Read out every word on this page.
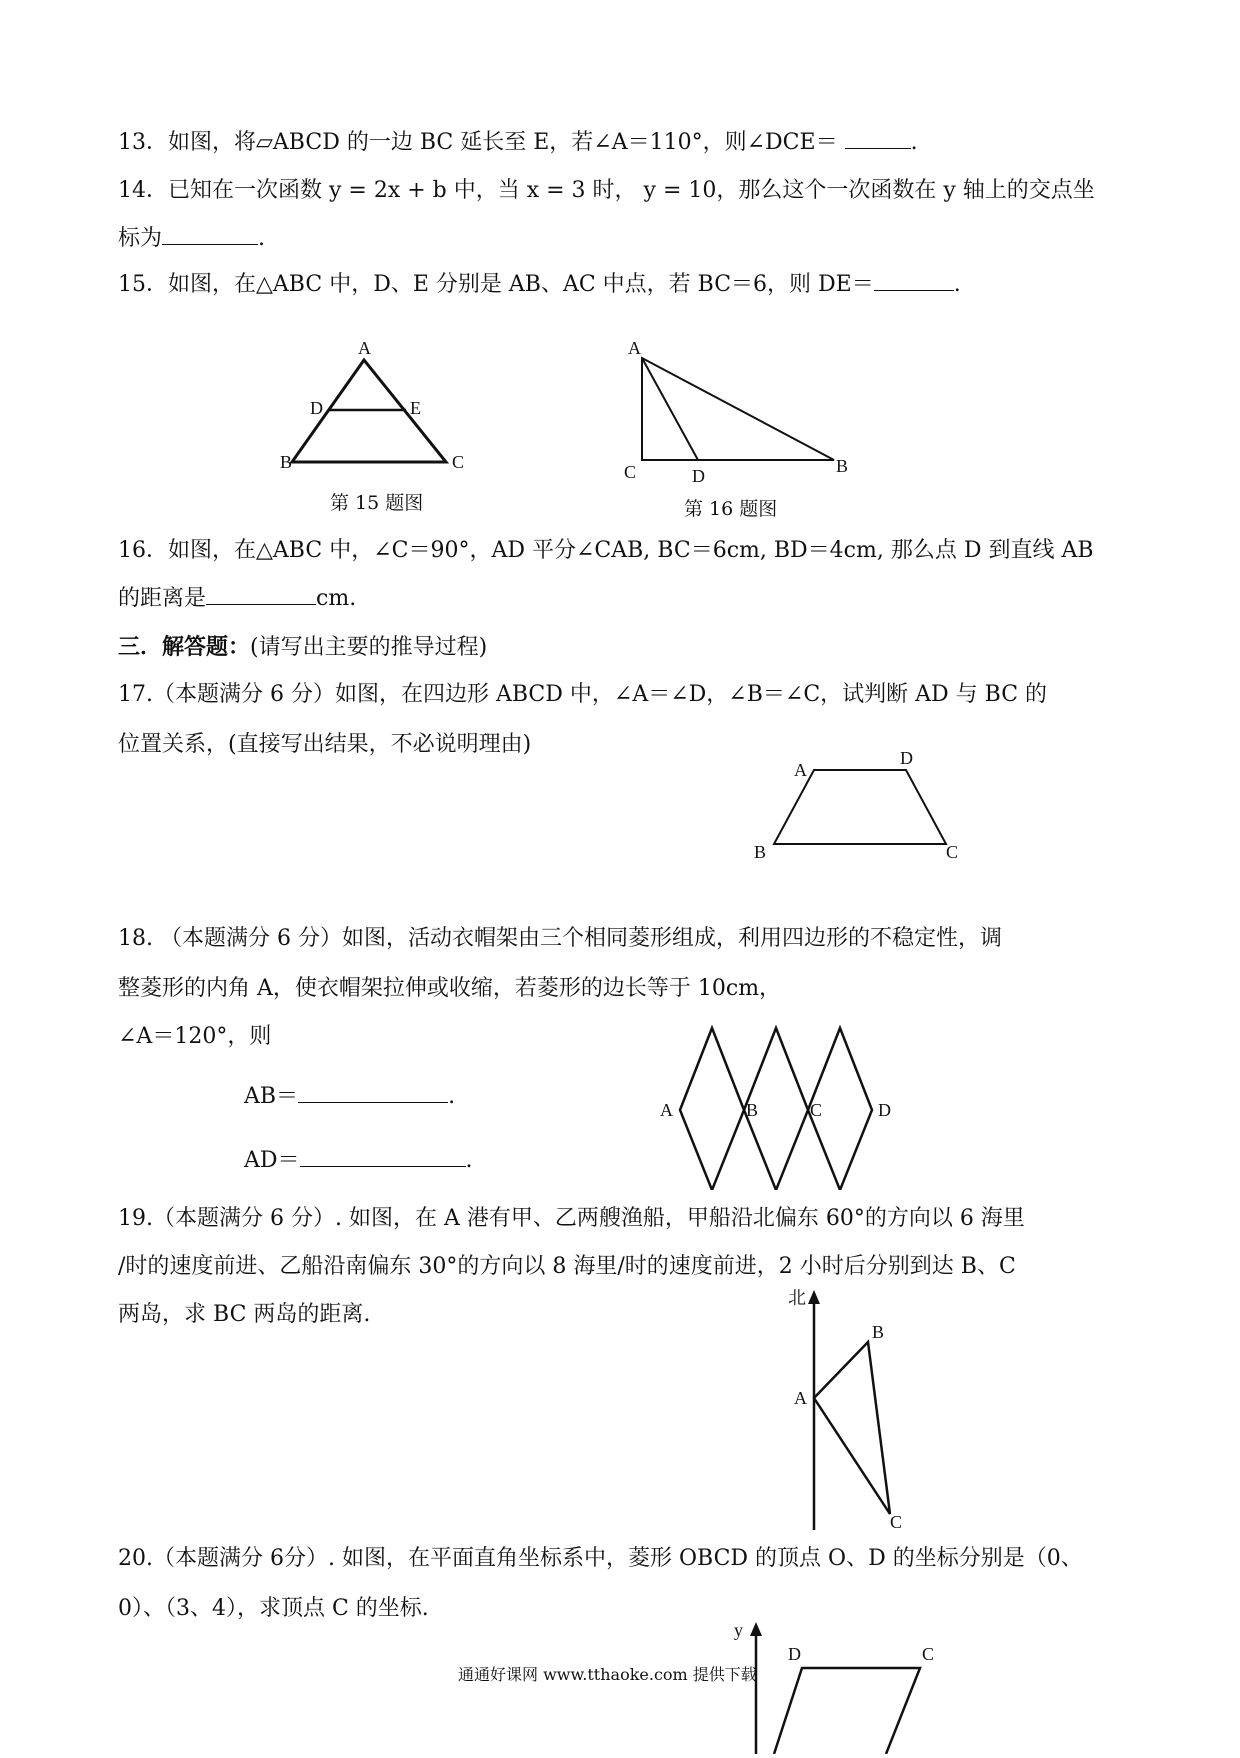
13．如图，将▱ABCD 的一边 BC 延长至 E，若∠A＝110°，则∠DCE＝	.
14．已知在一次函数 y = 2x + b 中，当 x = 3 时， y = 10，那么这个一次函数在 y 轴上的交点坐
标为	.
15．如图，在△ABC 中，D、E 分别是 AB、AC 中点，若 BC＝6，则 DE＝	.
A
D	E
B	C
第 15 题图
A
C	D	B
第 16 题图
16．如图，在△ABC 中，∠C＝90°，AD 平分∠CAB, BC＝6cm, BD＝4cm, 那么点 D 到直线 AB
的距离是	cm.
三．解答题：(请写出主要的推导过程)
17.（本题满分 6 分）如图，在四边形 ABCD 中，∠A＝∠D，∠B＝∠C，试判断 AD 与 BC 的
位置关系，(直接写出结果，不必说明理由)
A
D
B	C
18. （本题满分 6 分）如图，活动衣帽架由三个相同菱形组成，利用四边形的不稳定性，调
整菱形的内角 A，使衣帽架拉伸或收缩，若菱形的边长等于 10cm，
∠A＝120°，则
AB＝	.
AD＝	.
A	B	C	D
19.（本题满分 6 分）. 如图，在 A 港有甲、乙两艘渔船，甲船沿北偏东 60°的方向以 6 海里
/时的速度前进、乙船沿南偏东 30°的方向以 8 海里/时的速度前进，2 小时后分别到达 B、C
两岛，求 BC 两岛的距离.
北
A
B
C
20.（本题满分 6分）. 如图，在平面直角坐标系中，菱形 OBCD 的顶点 O、D 的坐标分别是（0、
0）、（3、4），求顶点 C 的坐标.
y
D	C
通通好课网 www.tthaoke.com 提供下载
